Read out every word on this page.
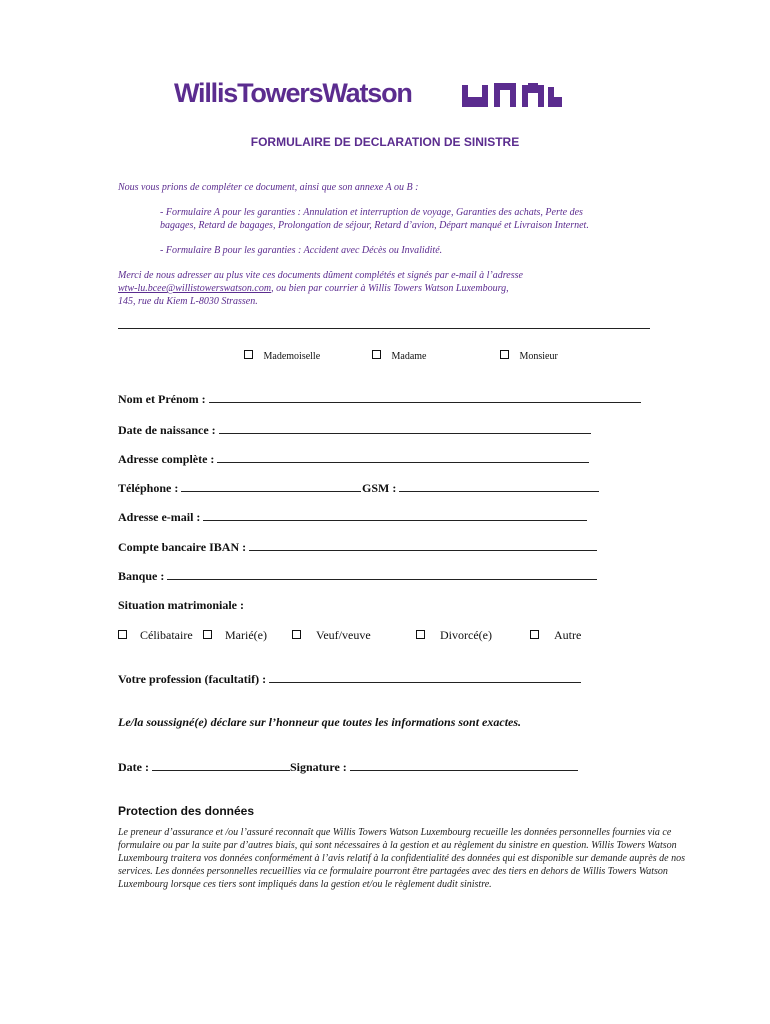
WillisTowersWatson
FORMULAIRE DE DECLARATION DE SINISTRE
Nous vous prions de compléter ce document, ainsi que son annexe A ou B :
- Formulaire A pour les garanties : Annulation et interruption de voyage, Garanties des achats, Perte des bagages, Retard de bagages, Prolongation de séjour, Retard d’avion, Départ manqué et Livraison Internet.
- Formulaire B pour les garanties : Accident avec Décès ou Invalidité.
Merci de nous adresser au plus vite ces documents dûment complétés et signés par e-mail à l’adresse
wtw-lu.bcee@willistowerswatson.com, ou bien par courrier à Willis Towers Watson Luxembourg,
145, rue du Kiem L-8030 Strassen.
Mademoiselle	Madame	Monsieur
Nom et Prénom :
Date de naissance :
Adresse complète :
Téléphone :	GSM :
Adresse e-mail :
Compte bancaire IBAN :
Banque :
Situation matrimoniale :
Célibataire	Marié(e)	Veuf/veuve	Divorcé(e)	Autre
Votre profession (facultatif) :
Le/la soussigné(e) déclare sur l’honneur que toutes les informations sont exactes.
Date :	Signature :
Protection des données
Le preneur d’assurance et /ou l’assuré reconnaît que Willis Towers Watson Luxembourg recueille les données personnelles fournies via ce formulaire ou par la suite par d’autres biais, qui sont nécessaires à la gestion et au règlement du sinistre en question. Willis Towers Watson Luxembourg traitera vos données conformément à l’avis relatif à la confidentialité des données qui est disponible sur demande auprès de nos services. Les données personnelles recueillies via ce formulaire pourront être partagées avec des tiers en dehors de Willis Towers Watson Luxembourg lorsque ces tiers sont impliqués dans la gestion et/ou le règlement dudit sinistre.
